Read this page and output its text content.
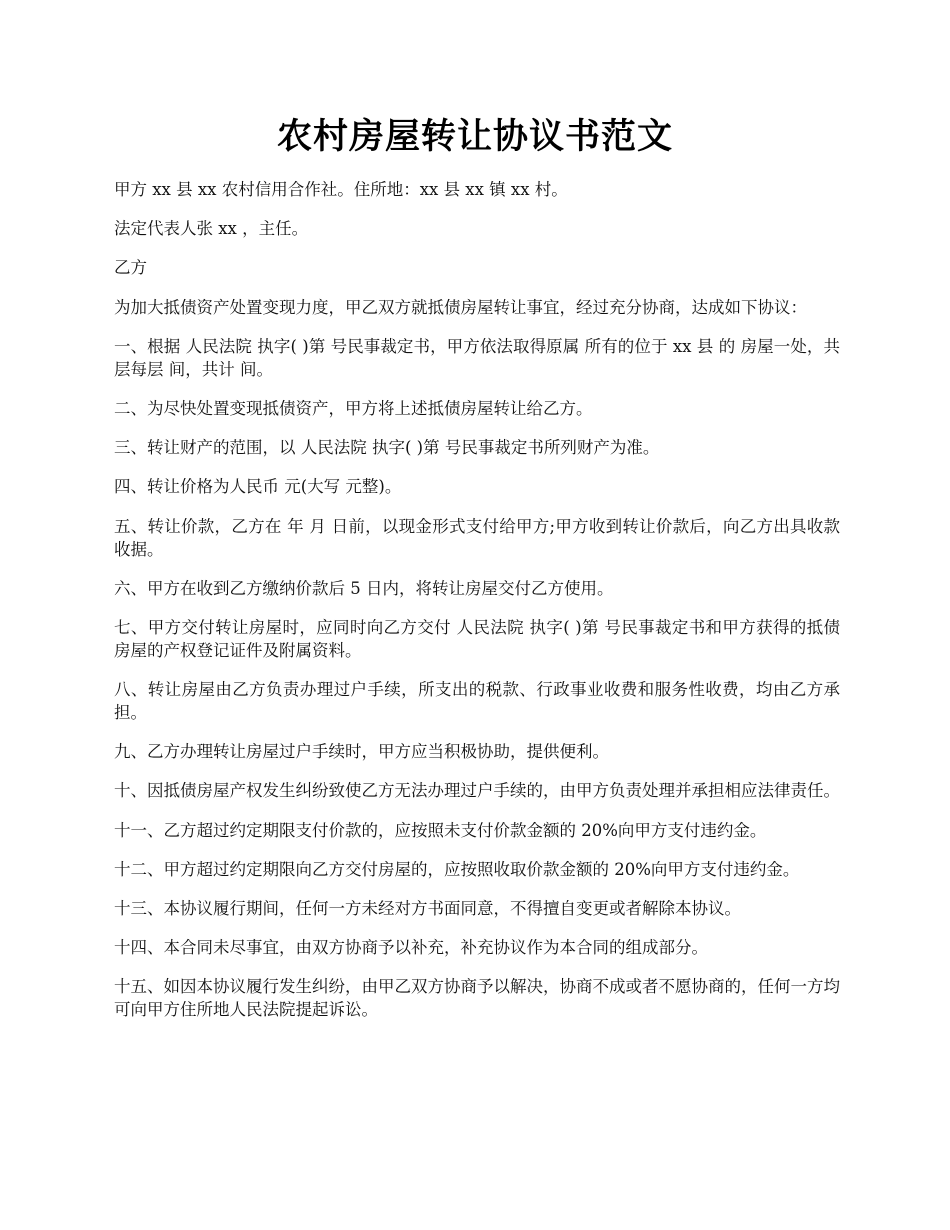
农村房屋转让协议书范文

甲方 xx 县 xx 农村信用合作社。住所地：xx 县 xx 镇 xx 村。

法定代表人张 xx ，主任。

乙方

为加大抵债资产处置变现力度，甲乙双方就抵债房屋转让事宜，经过充分协商，达成如下协议：

一、根据 人民法院 执字( )第 号民事裁定书，甲方依法取得原属 所有的位于 xx 县 的 房屋一处，共 层每层 间，共计 间。

二、为尽快处置变现抵债资产，甲方将上述抵债房屋转让给乙方。

三、转让财产的范围，以 人民法院 执字( )第 号民事裁定书所列财产为准。

四、转让价格为人民币 元(大写 元整)。

五、转让价款，乙方在 年 月 日前，以现金形式支付给甲方;甲方收到转让价款后，向乙方出具收款收据。

六、甲方在收到乙方缴纳价款后 5 日内，将转让房屋交付乙方使用。

七、甲方交付转让房屋时，应同时向乙方交付 人民法院 执字( )第 号民事裁定书和甲方获得的抵债房屋的产权登记证件及附属资料。

八、转让房屋由乙方负责办理过户手续，所支出的税款、行政事业收费和服务性收费，均由乙方承担。

九、乙方办理转让房屋过户手续时，甲方应当积极协助，提供便利。

十、因抵债房屋产权发生纠纷致使乙方无法办理过户手续的，由甲方负责处理并承担相应法律责任。

十一、乙方超过约定期限支付价款的，应按照未支付价款金额的 20%向甲方支付违约金。

十二、甲方超过约定期限向乙方交付房屋的，应按照收取价款金额的 20%向甲方支付违约金。

十三、本协议履行期间，任何一方未经对方书面同意，不得擅自变更或者解除本协议。

十四、本合同未尽事宜，由双方协商予以补充，补充协议作为本合同的组成部分。

十五、如因本协议履行发生纠纷，由甲乙双方协商予以解决，协商不成或者不愿协商的，任何一方均可向甲方住所地人民法院提起诉讼。
